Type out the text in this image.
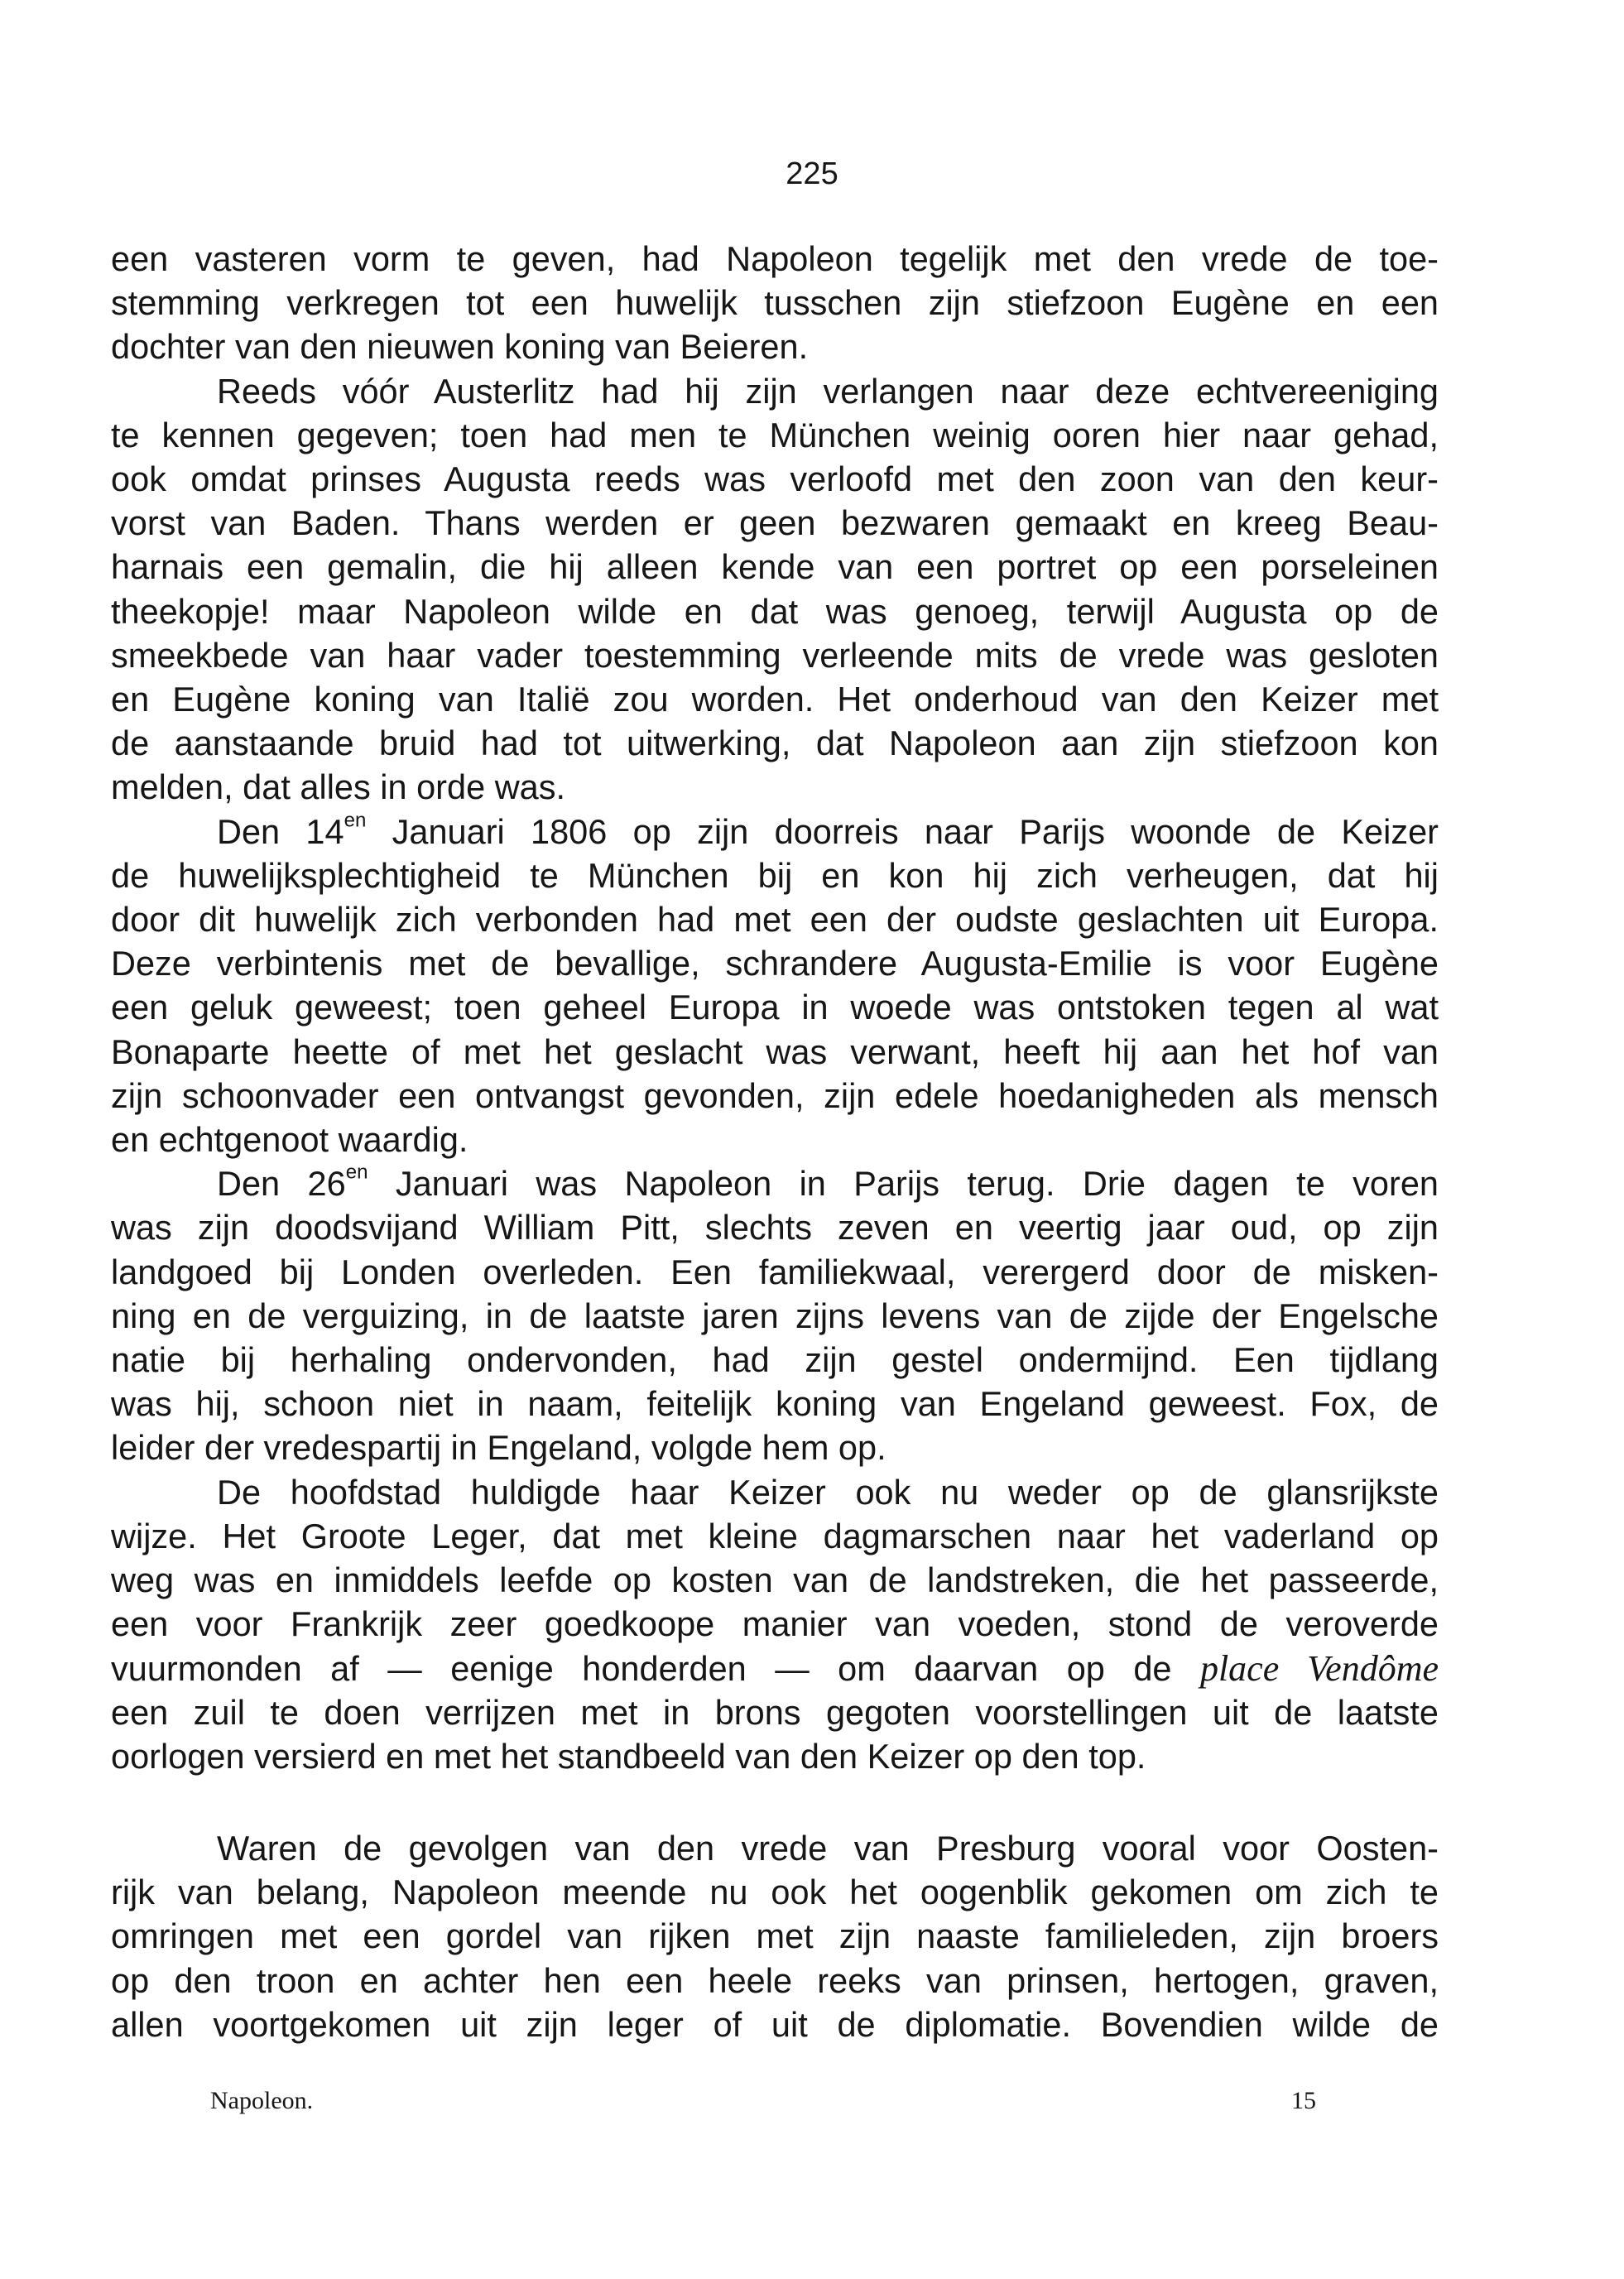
225

een vasteren vorm te geven, had Napoleon tegelijk met den vrede de toe-
stemming verkregen tot een huwelijk tusschen zijn stiefzoon Eugène en een
dochter van den nieuwen koning van Beieren.

Reeds vóór Austerlitz had hij zijn verlangen naar deze echtvereeniging
te kennen gegeven; toen had men te München weinig ooren hier naar gehad,
ook omdat prinses Augusta reeds was verloofd met den zoon van den keur-
vorst van Baden. Thans werden er geen bezwaren gemaakt en kreeg Beau-
harnais een gemalin, die hij alleen kende van een portret op een porseleinen
theekopje! maar Napoleon wilde en dat was genoeg, terwijl Augusta op de
smeekbede van haar vader toestemming verleende mits de vrede was gesloten
en Eugène koning van Italië zou worden. Het onderhoud van den Keizer met
de aanstaande bruid had tot uitwerking, dat Napoleon aan zijn stiefzoon kon
melden, dat alles in orde was.

Den $14^{en}$ Januari 1806 op zijn doorreis naar Parijs woonde de Keizer
de huwelijksplechtigheid te München bij en kon hij zich verheugen, dat hij
door dit huwelijk zich verbonden had met een der oudste geslachten uit Europa.
Deze verbintenis met de bevallige, schrandere Augusta-Emilie is voor Eugène
een geluk geweest; toen geheel Europa in woede was ontstoken tegen al wat
Bonaparte heette of met het geslacht was verwant, heeft hij aan het hof van
zijn schoonvader een ontvangst gevonden, zijn edele hoedanigheden als mensch
en echtgenoot waardig.

Den $26^{en}$ Januari was Napoleon in Parijs terug. Drie dagen te voren
was zijn doodsvijand William Pitt, slechts zeven en veertig jaar oud, op zijn
landgoed bij Londen overleden. Een familiekwaal, verergerd door de misken-
ning en de verguizing, in de laatste jaren zijns levens van de zijde der Engelsche
natie bij herhaling ondervonden, had zijn gestel ondermijnd. Een tijdlang
was hij, schoon niet in naam, feitelijk koning van Engeland geweest. Fox, de
leider der vredespartij in Engeland, volgde hem op.

De hoofdstad huldigde haar Keizer ook nu weder op de glansrijkste
wijze. Het Groote Leger, dat met kleine dagmarschen naar het vaderland op
weg was en inmiddels leefde op kosten van de landstreken, die het passeerde,
een voor Frankrijk zeer goedkoope manier van voeden, stond de veroverde
vuurmonden af — eenige honderden — om daarvan op de place Vendôme
een zuil te doen verrijzen met in brons gegoten voorstellingen uit de laatste
oorlogen versierd en met het standbeeld van den Keizer op den top.

Waren de gevolgen van den vrede van Presburg vooral voor Oosten-
rijk van belang, Napoleon meende nu ook het oogenblik gekomen om zich te
omringen met een gordel van rijken met zijn naaste familieleden, zijn broers
op den troon en achter hen een heele reeks van prinsen, hertogen, graven,
allen voortgekomen uit zijn leger of uit de diplomatie. Bovendien wilde de

Napoleon.	15
